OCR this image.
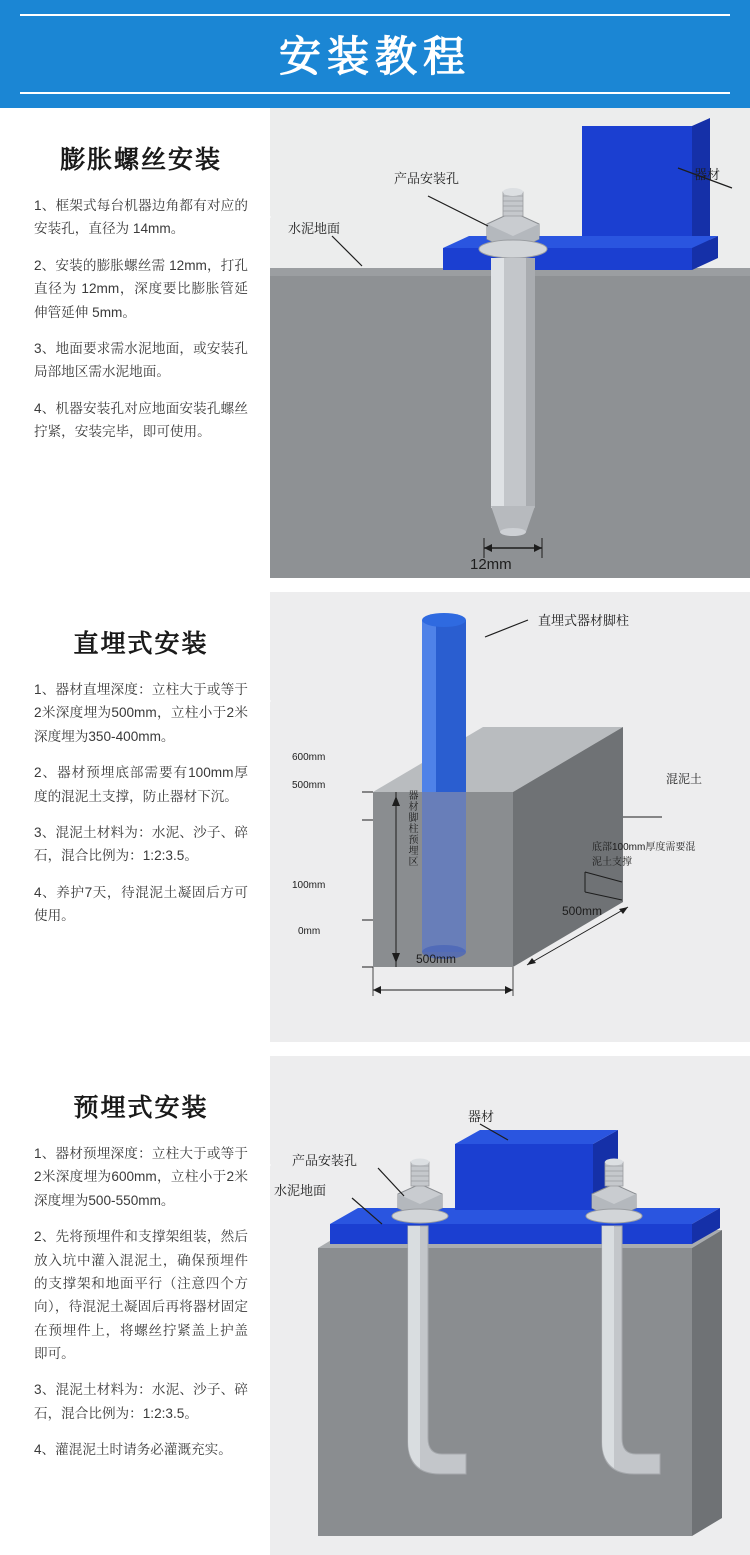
安装教程
膨胀螺丝安装

1、框架式每台机器边角都有对应的安装孔，直径为 14mm。

2、安装的膨胀螺丝需 12mm，打孔直径为 12mm，深度要比膨胀管延伸管延伸 5mm。

3、地面要求需水泥地面，或安装孔局部地区需水泥地面。

4、机器安装孔对应地面安装孔螺丝拧紧，安装完毕，即可使用。

产品安装孔	器材
水泥地面
12mm
直埋式安装

1、器材直埋深度：立柱大于或等于2米深度埋为500mm，立柱小于2米深度埋为350-400mm。

2、器材预埋底部需要有100mm厚度的混泥土支撑，防止器材下沉。

3、混泥土材料为：水泥、沙子、碎石，混合比例为：1:2:3.5。

4、养护7天，待混泥土凝固后方可使用。

直埋式器材脚柱
600mm
500mm
100mm
0mm
器材脚柱预埋区
混泥土
底部100mm厚度需要混泥土支撑
500mm
500mm
预埋式安装

1、器材预埋深度：立柱大于或等于2米深度埋为600mm，立柱小于2米深度埋为500-550mm。

2、先将预埋件和支撑架组装，然后放入坑中灌入混泥土，确保预埋件的支撑架和地面平行（注意四个方向），待混泥土凝固后再将器材固定在预埋件上，将螺丝拧紧盖上护盖即可。

3、混泥土材料为：水泥、沙子、碎石，混合比例为：1:2:3.5。

4、灌混泥土时请务必灌溉充实。

器材
产品安装孔
水泥地面
